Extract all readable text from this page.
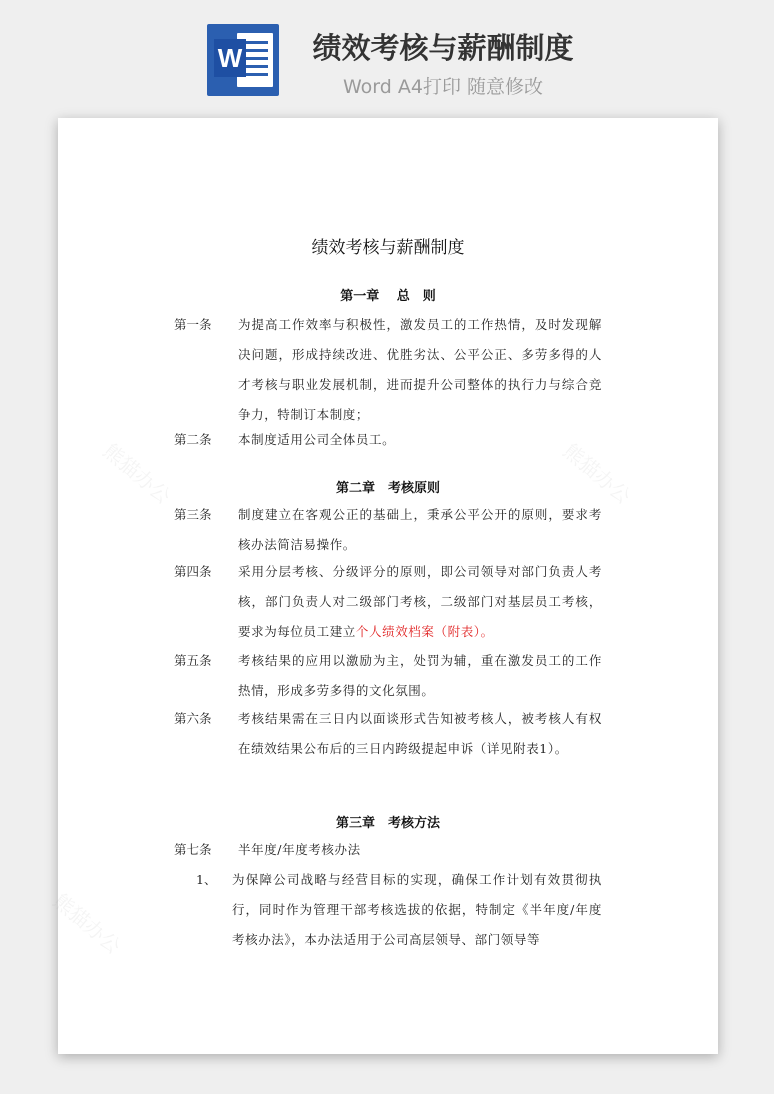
W	绩效考核与薪酬制度
Word A4打印 随意修改
熊猫办公	熊猫办公
熊猫办公
绩效考核与薪酬制度
第一章　 总　则
第一条 为提高工作效率与积极性，激发员工的工作热情，及时发现解决问题，形成持续改进、优胜劣汰、公平公正、多劳多得的人才考核与职业发展机制，进而提升公司整体的执行力与综合竞争力，特制订本制度；
第二条 本制度适用公司全体员工。
第二章　考核原则
第三条 制度建立在客观公正的基础上，秉承公平公开的原则，要求考核办法简洁易操作。
第四条 采用分层考核、分级评分的原则，即公司领导对部门负责人考核，部门负责人对二级部门考核，二级部门对基层员工考核，要求为每位员工建立个人绩效档案（附表）。
第五条 考核结果的应用以激励为主，处罚为辅，重在激发员工的工作热情，形成多劳多得的文化氛围。
第六条 考核结果需在三日内以面谈形式告知被考核人，被考核人有权在绩效结果公布后的三日内跨级提起申诉（详见附表1）。
第三章　考核方法
第七条 半年度/年度考核办法
1、 为保障公司战略与经营目标的实现，确保工作计划有效贯彻执行，同时作为管理干部考核选拔的依据，特制定《半年度/年度考核办法》，本办法适用于公司高层领导、部门领导等
